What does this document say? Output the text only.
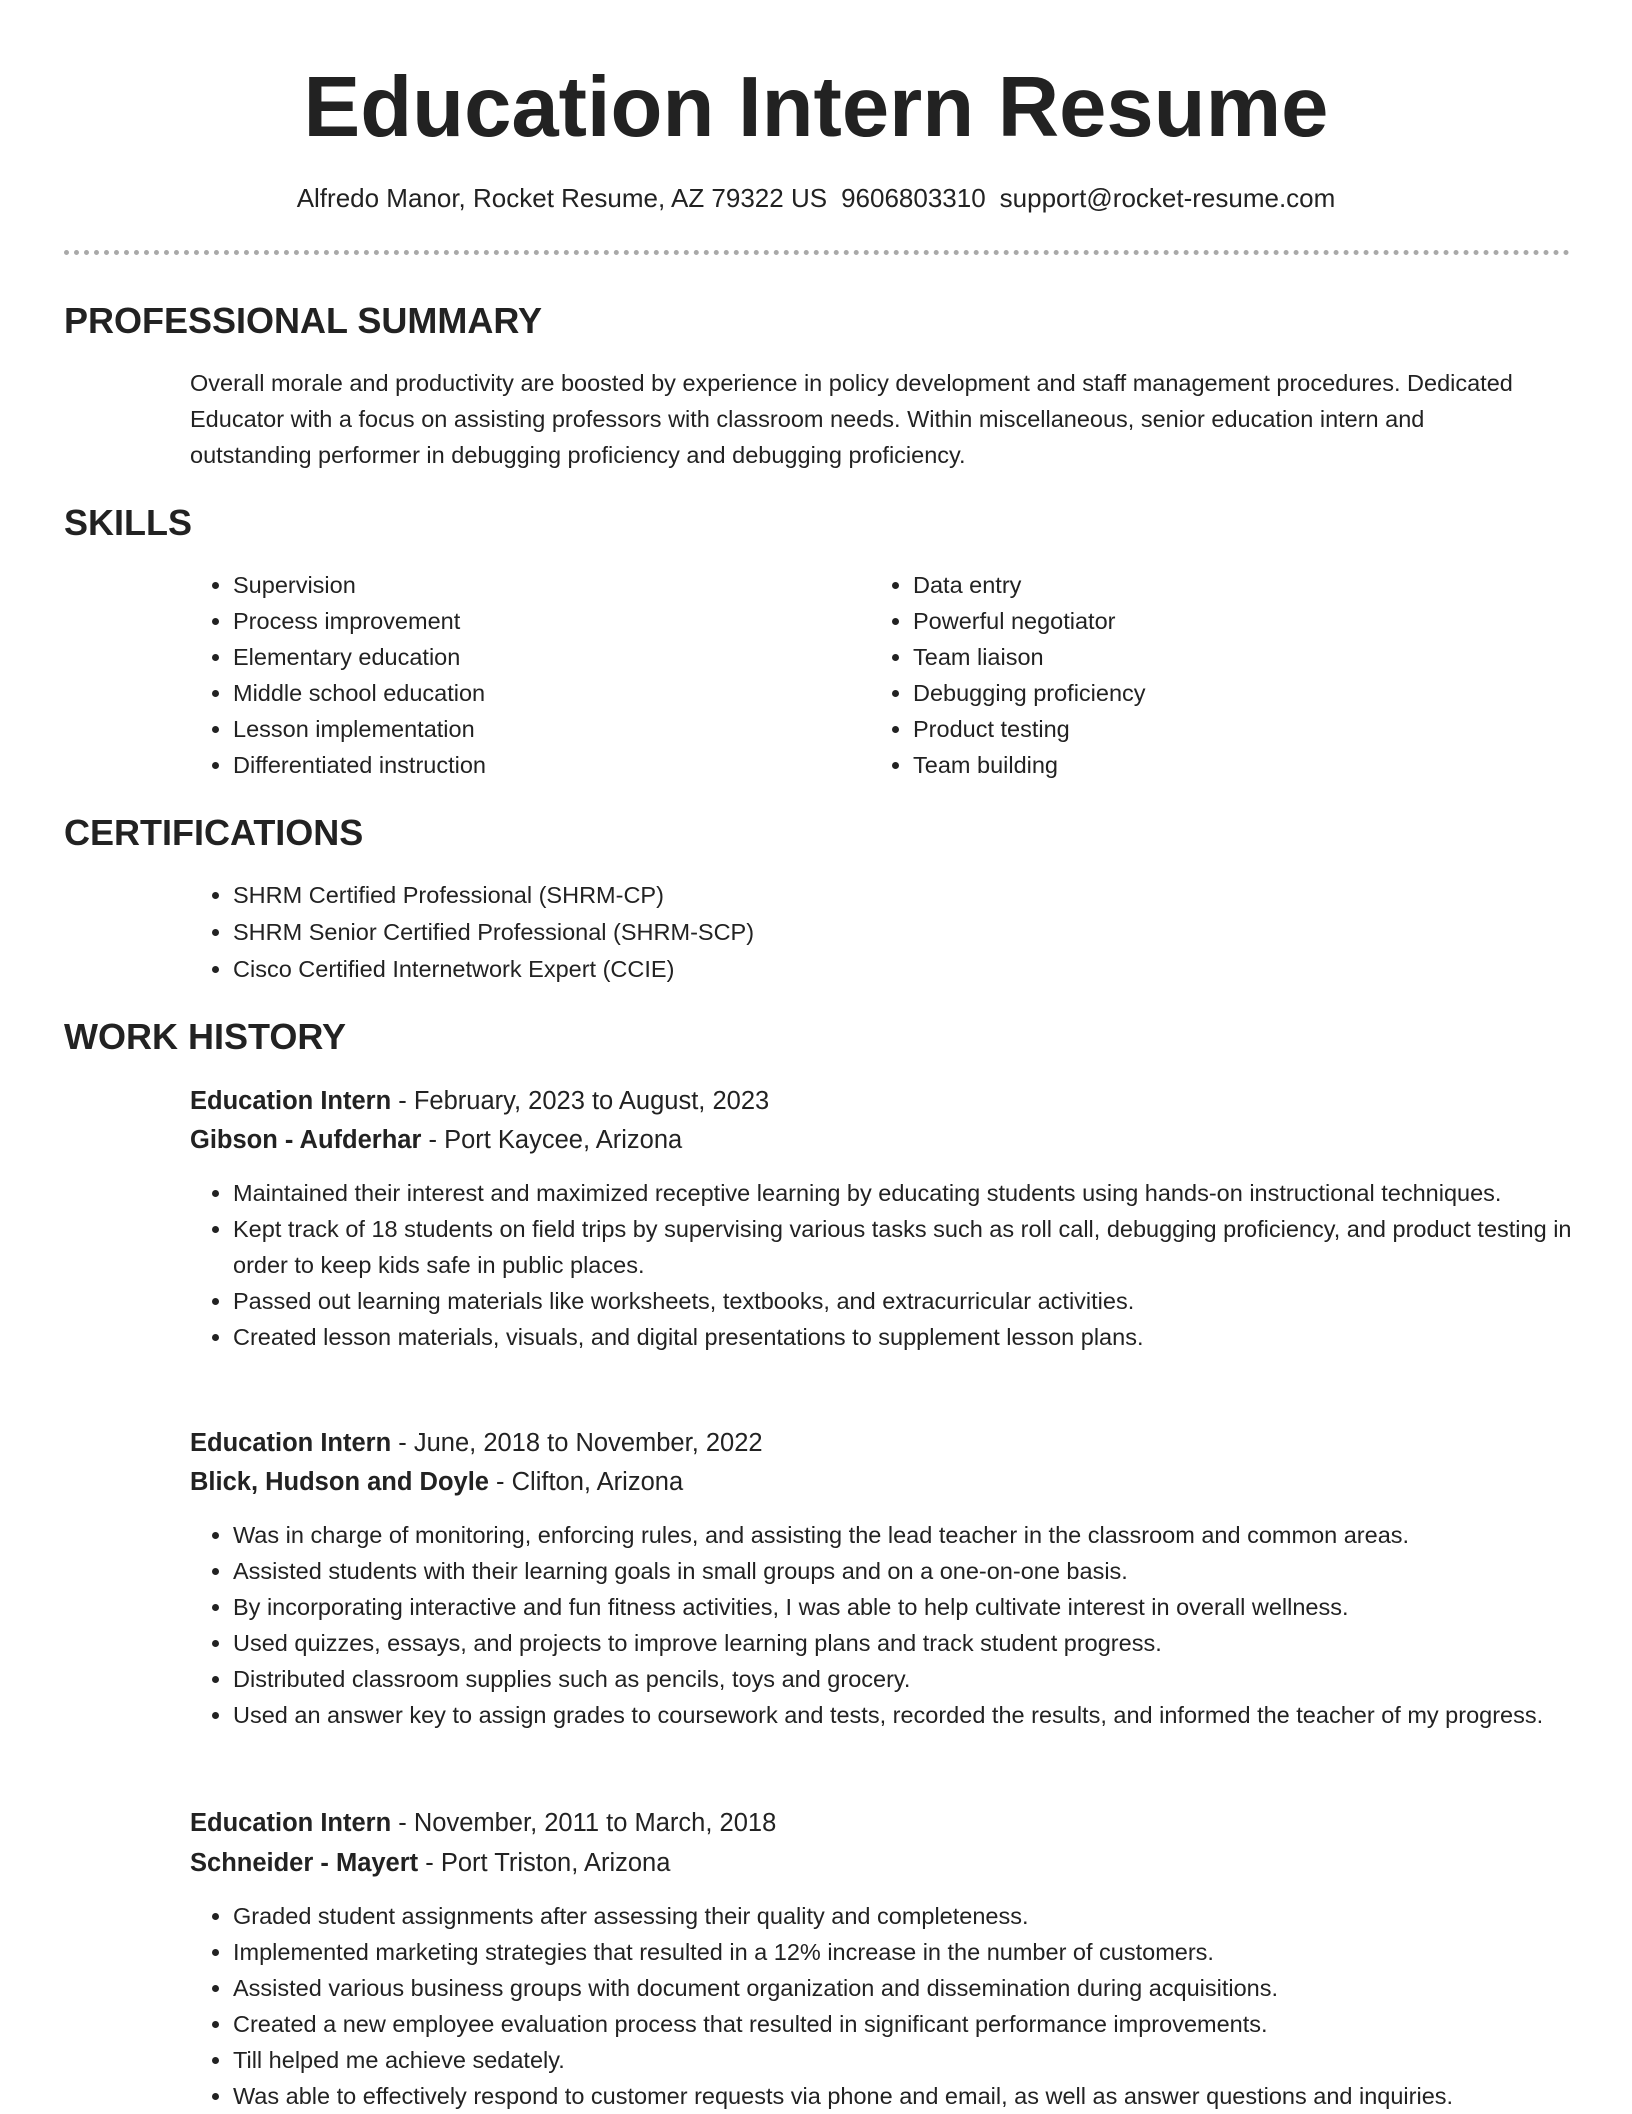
Education Intern Resume
Alfredo Manor, Rocket Resume, AZ 79322 US 9606803310 support@rocket-resume.com
PROFESSIONAL SUMMARY

Overall morale and productivity are boosted by experience in policy development and staff management procedures. Dedicated Educator with a focus on assisting professors with classroom needs. Within miscellaneous, senior education intern and outstanding performer in debugging proficiency and debugging proficiency.

SKILLS
• Supervision
• Process improvement
• Elementary education
• Middle school education
• Lesson implementation
• Differentiated instruction
• Data entry
• Powerful negotiator
• Team liaison
• Debugging proficiency
• Product testing
• Team building
CERTIFICATIONS
• SHRM Certified Professional (SHRM-CP)
• SHRM Senior Certified Professional (SHRM-SCP)
• Cisco Certified Internetwork Expert (CCIE)
WORK HISTORY
Education Intern - February, 2023 to August, 2023
Gibson - Aufderhar - Port Kaycee, Arizona
• Maintained their interest and maximized receptive learning by educating students using hands-on instructional techniques.
• Kept track of 18 students on field trips by supervising various tasks such as roll call, debugging proficiency, and product testing in order to keep kids safe in public places.
• Passed out learning materials like worksheets, textbooks, and extracurricular activities.
• Created lesson materials, visuals, and digital presentations to supplement lesson plans.
Education Intern - June, 2018 to November, 2022
Blick, Hudson and Doyle - Clifton, Arizona
• Was in charge of monitoring, enforcing rules, and assisting the lead teacher in the classroom and common areas.
• Assisted students with their learning goals in small groups and on a one-on-one basis.
• By incorporating interactive and fun fitness activities, I was able to help cultivate interest in overall wellness.
• Used quizzes, essays, and projects to improve learning plans and track student progress.
• Distributed classroom supplies such as pencils, toys and grocery.
• Used an answer key to assign grades to coursework and tests, recorded the results, and informed the teacher of my progress.
Education Intern - November, 2011 to March, 2018
Schneider - Mayert - Port Triston, Arizona
• Graded student assignments after assessing their quality and completeness.
• Implemented marketing strategies that resulted in a 12% increase in the number of customers.
• Assisted various business groups with document organization and dissemination during acquisitions.
• Created a new employee evaluation process that resulted in significant performance improvements.
• Till helped me achieve sedately.
• Was able to effectively respond to customer requests via phone and email, as well as answer questions and inquiries.
